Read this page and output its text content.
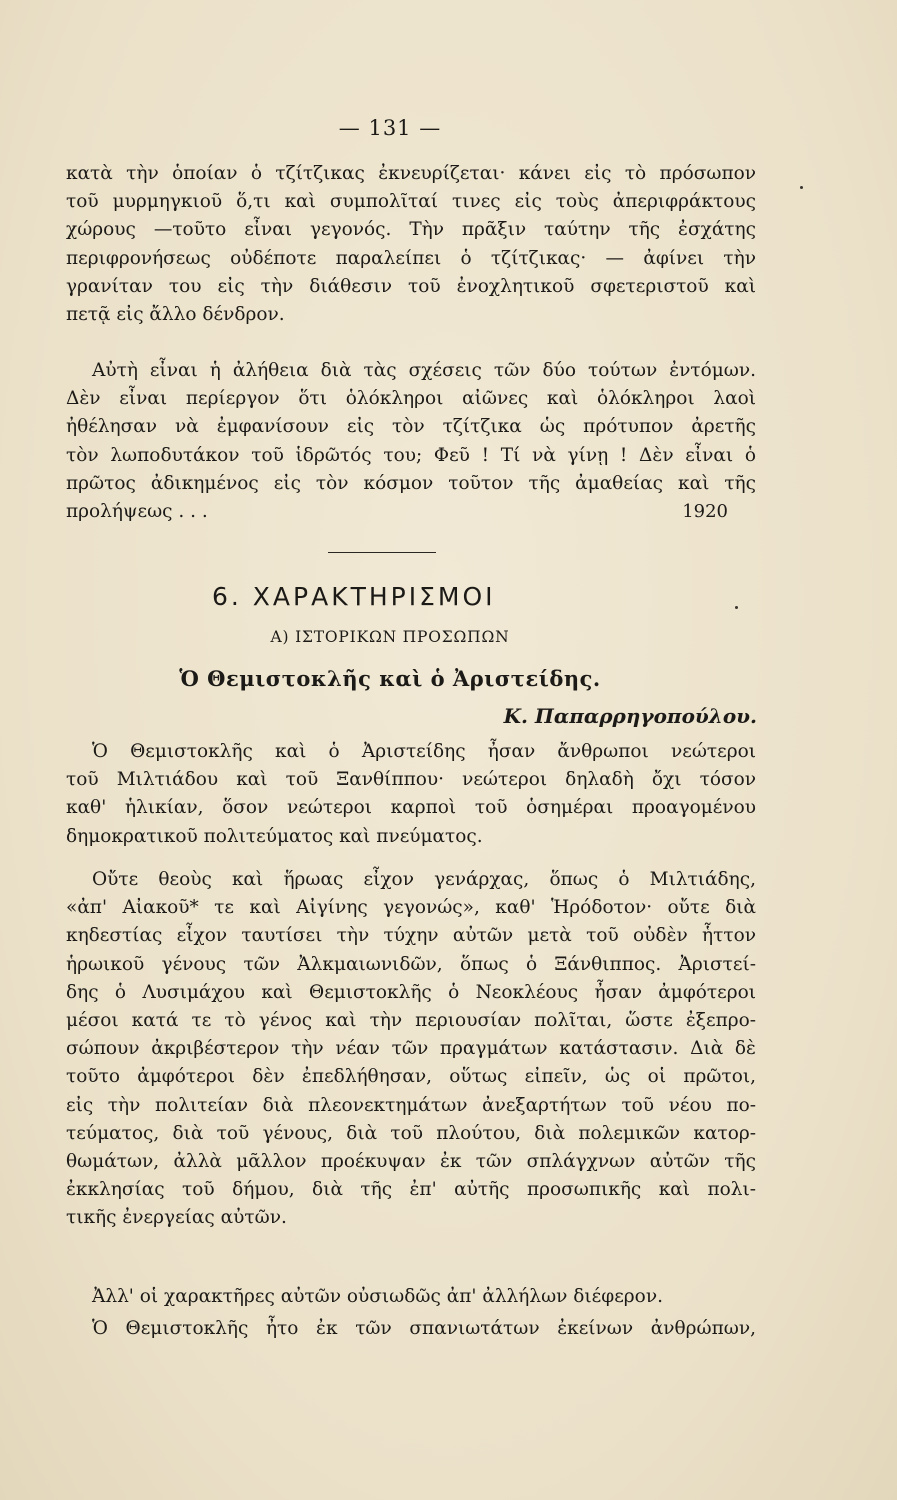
— 131 —
κατὰ τὴν ὁποίαν ὁ τζίτζικας ἐκνευρίζεται· κάνει εἰς τὸ πρόσωπον
τοῦ μυρμηγκιοῦ ὅ,τι καὶ συμπολῖταί τινες εἰς τοὺς ἀπεριφράκτους
χώρους —τοῦτο εἶναι γεγονός. Τὴν πρᾶξιν ταύτην τῆς ἐσχάτης
περιφρονήσεως οὐδέποτε παραλείπει ὁ τζίτζικας· — ἀφίνει τὴν
γρανίταν του εἰς τὴν διάθεσιν τοῦ ἐνοχλητικοῦ σφετεριστοῦ καὶ
πετᾷ εἰς ἄλλο δένδρον.
Αὐτὴ εἶναι ἡ ἀλήθεια διὰ τὰς σχέσεις τῶν δύο τούτων ἐντόμων.
Δὲν εἶναι περίεργον ὅτι ὁλόκληροι αἰῶνες καὶ ὁλόκληροι λαοὶ
ἠθέλησαν νὰ ἐμφανίσουν εἰς τὸν τζίτζικα ὡς πρότυπον ἀρετῆς
τὸν λωποδυτάκον τοῦ ἱδρῶτός του; Φεῦ ! Τί νὰ γίνῃ ! Δὲν εἶναι ὁ
πρῶτος ἀδικημένος εἰς τὸν κόσμον τοῦτον τῆς ἀμαθείας καὶ τῆς
προλήψεως . . .	1920
6. ΧΑΡΑΚΤΗΡΙΣΜΟΙ
Α) ΙΣΤΟΡΙΚΩΝ ΠΡΟΣΩΠΩΝ
Ὁ Θεμιστοκλῆς καὶ ὁ Ἀριστείδης.
Κ. Παπαρρηγοπούλου.
Ὁ Θεμιστοκλῆς καὶ ὁ Ἀριστείδης ἦσαν ἄνθρωποι νεώτεροι
τοῦ Μιλτιάδου καὶ τοῦ Ξανθίππου· νεώτεροι δηλαδὴ ὄχι τόσον
καθ' ἡλικίαν, ὅσον νεώτεροι καρποὶ τοῦ ὁσημέραι προαγομένου
δημοκρατικοῦ πολιτεύματος καὶ πνεύματος.
Οὔτε θεοὺς καὶ ἥρωας εἶχον γενάρχας, ὅπως ὁ Μιλτιάδης,
«ἀπ' Αἰακοῦ* τε καὶ Αἰγίνης γεγονώς», καθ' Ἡρόδοτον· οὔτε διὰ
κηδεστίας εἶχον ταυτίσει τὴν τύχην αὐτῶν μετὰ τοῦ οὐδὲν ἧττον
ἡρωικοῦ γένους τῶν Ἀλκμαιωνιδῶν, ὅπως ὁ Ξάνθιππος. Ἀριστεί-
δης ὁ Λυσιμάχου καὶ Θεμιστοκλῆς ὁ Νεοκλέους ἦσαν ἀμφότεροι
μέσοι κατά τε τὸ γένος καὶ τὴν περιουσίαν πολῖται, ὥστε ἐξεπρο-
σώπουν ἀκριβέστερον τὴν νέαν τῶν πραγμάτων κατάστασιν. Διὰ δὲ
τοῦτο ἀμφότεροι δὲν ἐπεδλήθησαν, οὕτως εἰπεῖν, ὡς οἱ πρῶτοι,
εἰς τὴν πολιτείαν διὰ πλεονεκτημάτων ἀνεξαρτήτων τοῦ νέου πο-
τεύματος, διὰ τοῦ γένους, διὰ τοῦ πλούτου, διὰ πολεμικῶν κατορ-
θωμάτων, ἀλλὰ μᾶλλον προέκυψαν ἐκ τῶν σπλάγχνων αὐτῶν τῆς
ἐκκλησίας τοῦ δήμου, διὰ τῆς ἐπ' αὐτῆς προσωπικῆς καὶ πολι-
τικῆς ἐνεργείας αὐτῶν.
Ἀλλ' οἱ χαρακτῆρες αὐτῶν οὐσιωδῶς ἀπ' ἀλλήλων διέφερον.
Ὁ Θεμιστοκλῆς ἦτο ἐκ τῶν σπανιωτάτων ἐκείνων ἀνθρώπων,
